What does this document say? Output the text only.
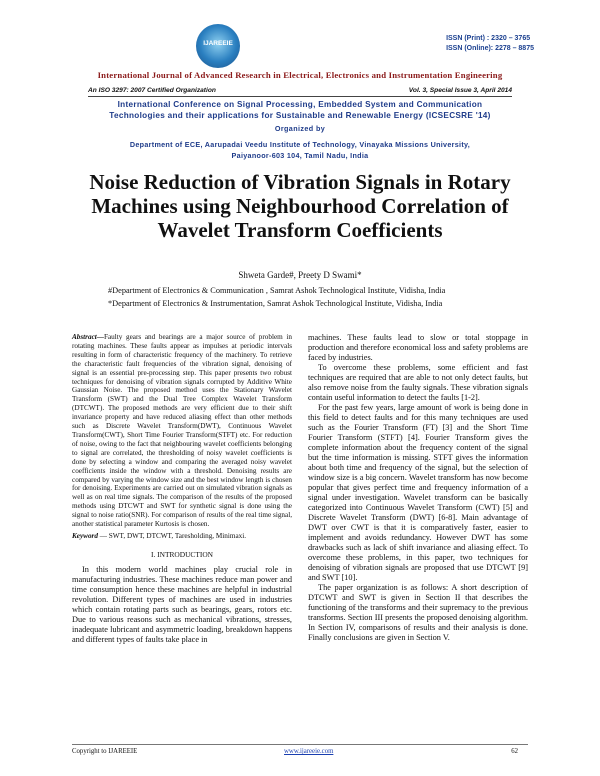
IJAREEIE
ISSN (Print) : 2320 – 3765
ISSN (Online): 2278 – 8875
International Journal of Advanced Research in Electrical, Electronics and Instrumentation Engineering
An ISO 3297: 2007 Certified Organization	Vol. 3, Special Issue 3, April 2014
International Conference on Signal Processing, Embedded System and Communication
Technologies and their applications for Sustainable and Renewable Energy (ICSECSRE '14)
Organized by
Department of ECE, Aarupadai Veedu Institute of Technology, Vinayaka Missions University,
Paiyanoor-603 104, Tamil Nadu, India
Noise Reduction of Vibration Signals in Rotary Machines using Neighbourhood Correlation of Wavelet Transform Coefficients
Shweta Garde#, Preety D Swami*
#Department of Electronics & Communication , Samrat Ashok Technological Institute, Vidisha, India
*Department of Electronics & Instrumentation, Samrat Ashok Technological Institute, Vidisha, India

Abstract—Faulty gears and bearings are a major source of problem in rotating machines. These faults appear as impulses at periodic intervals resulting in form of characteristic frequency of the machinery. To retrieve the characteristic fault frequencies of the vibration signal, denoising of signal is an essential pre-processing step. This paper presents two robust techniques for denoising of vibration signals corrupted by Additive White Gaussian Noise. The proposed method uses the Stationary Wavelet Transform (SWT) and the Dual Tree Complex Wavelet Transform (DTCWT). The proposed methods are very efficient due to their shift invariance property and have reduced aliasing effect than other methods such as Discrete Wavelet Transform(DWT), Continuous Wavelet Transform(CWT), Short Time Fourier Transform(STFT) etc. For reduction of noise, owing to the fact that neighbouring wavelet coefficients belonging to signal are correlated, the thresholding of noisy wavelet coefficients is done by selecting a window and comparing the averaged noisy wavelet coefficients inside the window with a threshold. Denoising results are compared by varying the window size and the best window length is chosen for denoising. Experiments are carried out on simulated vibration signals as well as on real time signals. The comparison of the results of the proposed methods using DTCWT and SWT for synthetic signal is done using the signal to noise ratio(SNR). For comparison of results of the real time signal, another statistical parameter Kurtosis is chosen.

Keyword — SWT, DWT, DTCWT, Taresholding, Minimaxi.

I. INTRODUCTION

In this modern world machines play crucial role in manufacturing industries. These machines reduce man power and time consumption hence these machines are helpful in industrial revolution. Different types of machines are used in industries which contain rotating parts such as bearings, gears, rotors etc. Due to various reasons such as mechanical vibrations, stresses, inadequate lubricant and asymmetric loading, breakdown happens and different types of faults take place in

machines. These faults lead to slow or total stoppage in production and therefore economical loss and safety problems are faced by industries.

To overcome these problems, some efficient and fast techniques are required that are able to not only detect faults, but also remove noise from the faulty signals. These vibration signals contain useful information to detect the faults [1-2].

For the past few years, large amount of work is being done in this field to detect faults and for this many techniques are used such as the Fourier Transform (FT) [3] and the Short Time Fourier Transform (STFT) [4]. Fourier Transform gives the complete information about the frequency content of the signal but the time information is missing. STFT gives the information about both time and frequency of the signal, but the selection of window size is a big concern. Wavelet transform has now become popular that gives perfect time and frequency information of a signal under investigation. Wavelet transform can be basically categorized into Continuous Wavelet Transform (CWT) [5] and Discrete Wavelet Transform (DWT) [6-8]. Main advantage of DWT over CWT is that it is comparatively faster, easier to implement and avoids redundancy. However DWT has some drawbacks such as lack of shift invariance and aliasing effect. To overcome these problems, in this paper, two techniques for denoising of vibration signals are proposed that use DTCWT [9] and SWT [10].

The paper organization is as follows: A short description of DTCWT and SWT is given in Section II that describes the functioning of the transforms and their supremacy to the previous transforms. Section III presents the proposed denoising algorithm. In Section IV, comparisons of results and their analysis is done. Finally conclusions are given in Section V.

Copyright to IJAREEIE	www.ijareeie.com	62
